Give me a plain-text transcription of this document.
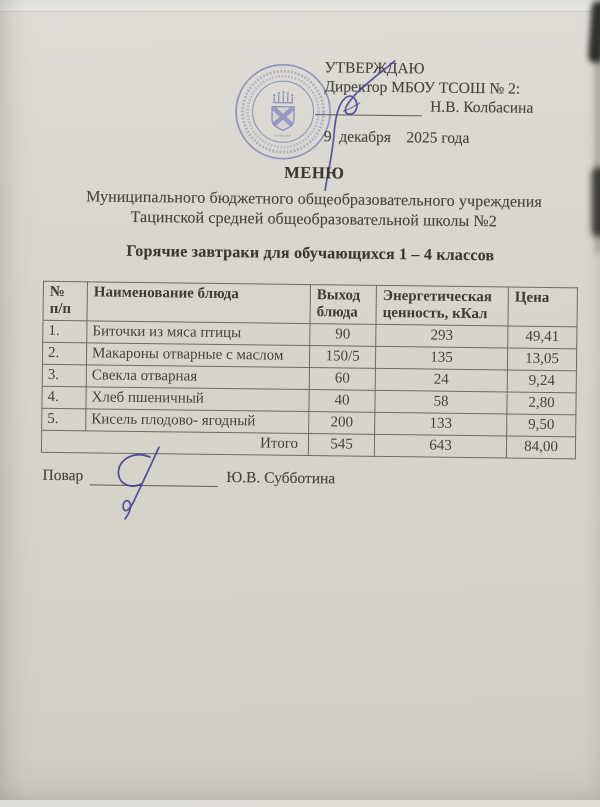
УТВЕРЖДАЮ
Директор МБОУ ТСОШ № 2:
Н.В. Колбасина
9  декабря    2025 года
МЕНЮ
Муниципального бюджетного общеобразовательного учреждения
Тацинской средней общеобразовательной школы №2
Горячие завтраки для обучающихся 1 – 4 классов
№ п/п	Наименование блюда	Выход блюда	Энергетическая ценность, кКал	Цена
1.	Биточки из мяса птицы	90	293	49,41
2.	Макароны отварные с маслом	150/5	135	13,05
3.	Свекла отварная	60	24	9,24
4.	Хлеб пшеничный	40	58	2,80
5.	Кисель плодово- ягодный	200	133	9,50
Итого		545	643	84,00
Повар	Ю.В. Субботина
